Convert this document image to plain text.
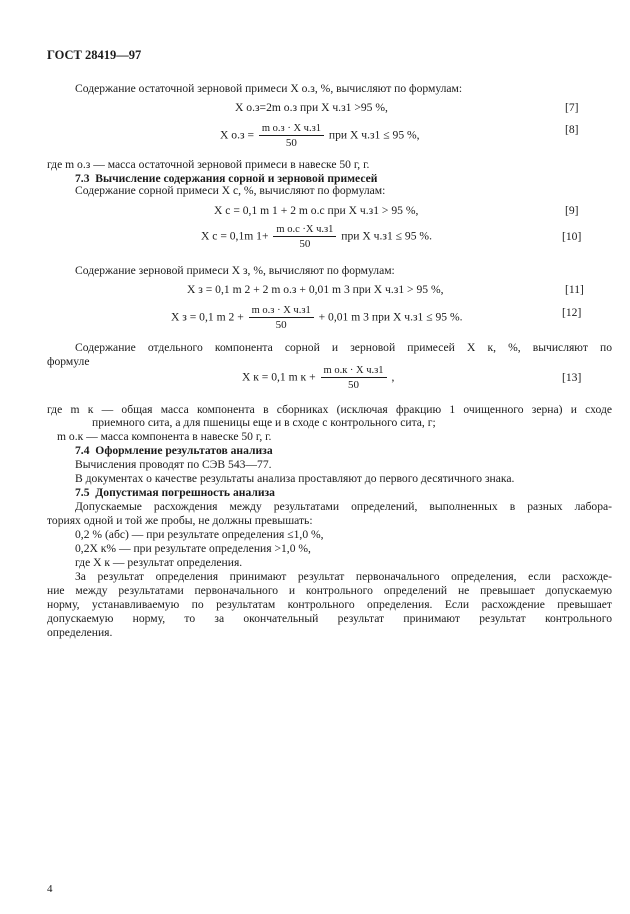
ГОСТ 28419—97
Содержание остаточной зерновой примеси X о.з, %, вычисляют по формулам:
X о.з=2m о.з при X ч.з1 >95 %,	[7]
X $о.з = \frac{\text{m о.з · X ч.з1}}{50}$ при X ч.з1 ≤ 95 %,	[8]
где m о.з — масса остаточной зерновой примеси в навеске 50 г, г.
7.3 Вычисление содержания сорной и зерновой примесей
Содержание сорной примеси X с, %, вычисляют по формулам:
X с = 0,1 m 1 + 2 m о.с при X ч.з1 > 95 %,	[9]
X с = 0,1m $1+ \frac{\text{m о.с ·X ч.з1}}{50}$ при X ч.з1 ≤ 95 %.	[10]
Содержание зерновой примеси X з, %, вычисляют по формулам:
X з = 0,1 m 2 + 2 m о.з + 0,01 m 3 при X ч.з1 > 95 %,	[11]
X з = 0,1 m $2 + \frac{\text{m о.з · X ч.з1}}{50} + 0,01$ m 3 при X ч.з1 ≤ 95 %.	[12]
Содержание отдельного компонента сорной и зерновой примесей X к, %, вычисляют по
формуле
X к = 0,1 m $к + \frac{\text{m о.к · X ч.з1}}{50}$ ,	[13]
где m к — общая масса компонента в сборниках (исключая фракцию 1 очищенного зерна) и сходе
приемного сита, а для пшеницы еще и в сходе с контрольного сита, г;
m о.к — масса компонента в навеске 50 г, г.
7.4 Оформление результатов анализа
Вычисления проводят по СЭВ 543—77.
В документах о качестве результаты анализа проставляют до первого десятичного знака.
7.5 Допустимая погрешность анализа
Допускаемые расхождения между результатами определений, выполненных в разных лабора-
ториях одной и той же пробы, не должны превышать:
0,2 % (абс) — при результате определения ≤1,0 %,
0,2X к% — при результате определения >1,0 %,
где X к — результат определения.
За результат определения принимают результат первоначального определения, если расхожде-
ние между результатами первоначального и контрольного определений не превышает допускаемую
норму, устанавливаемую по результатам контрольного определения. Если расхождение превышает
допускаемую норму, то за окончательный результат принимают результат контрольного
определения.
4
